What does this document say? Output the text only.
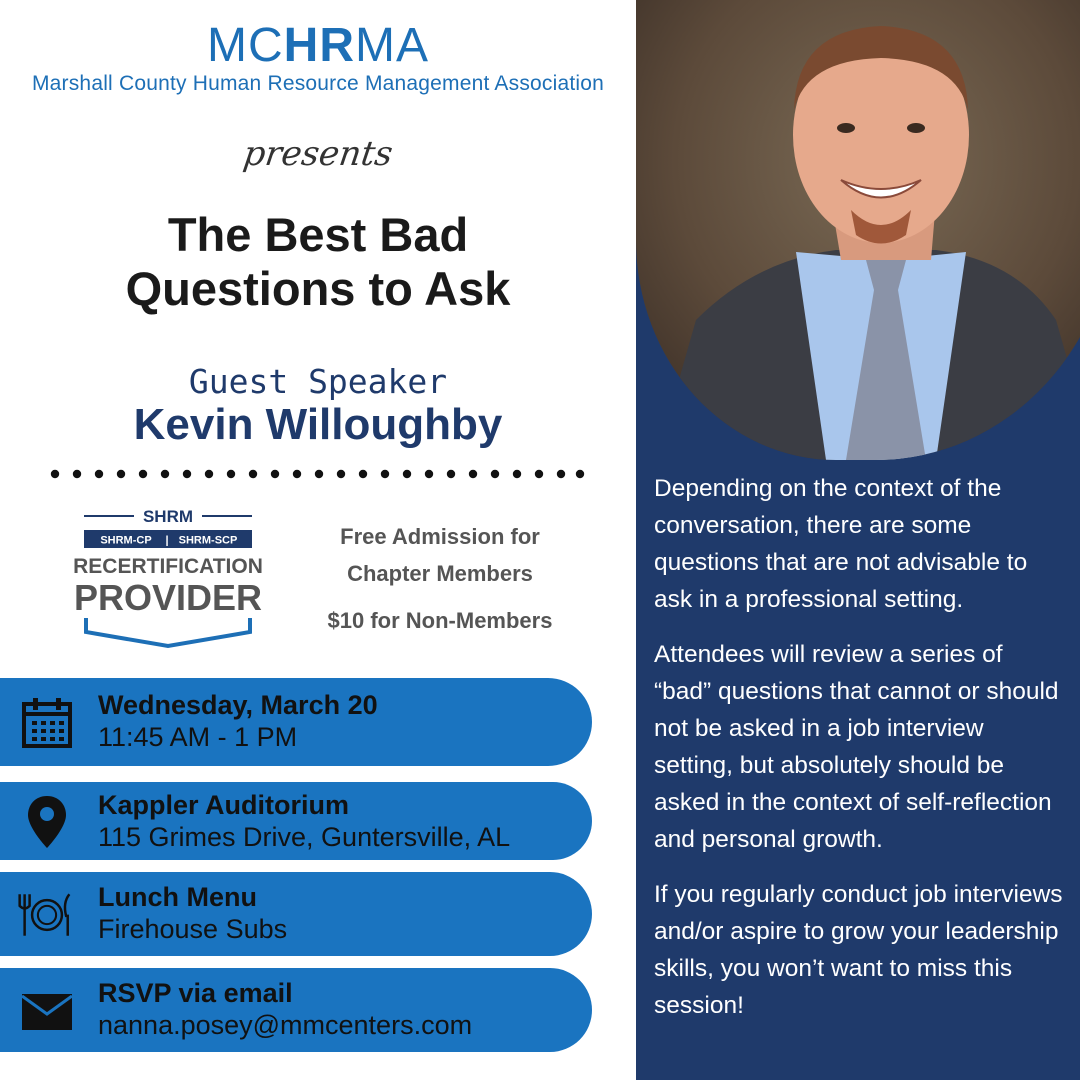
MCHRMA
Marshall County Human Resource Management Association
presents
The Best Bad
Questions to Ask
Guest Speaker
Kevin Willoughby
SHRM
SHRM-CP | SHRM-SCP
RECERTIFICATION
PROVIDER
Free Admission for
Chapter Members
$10 for Non-Members
Wednesday, March 20
11:45 AM - 1 PM
Kappler Auditorium
115 Grimes Drive, Guntersville, AL
Lunch Menu
Firehouse Subs
RSVP via email
nanna.posey@mmcenters.com

Depending on the context of the conversation, there are some questions that are not advisable to ask in a professional setting.

Attendees will review a series of “bad” questions that cannot or should not be asked in a job interview setting, but absolutely should be asked in the context of self-reflection and personal growth.

If you regularly conduct job interviews and/or aspire to grow your leadership skills, you won’t want to miss this session!
